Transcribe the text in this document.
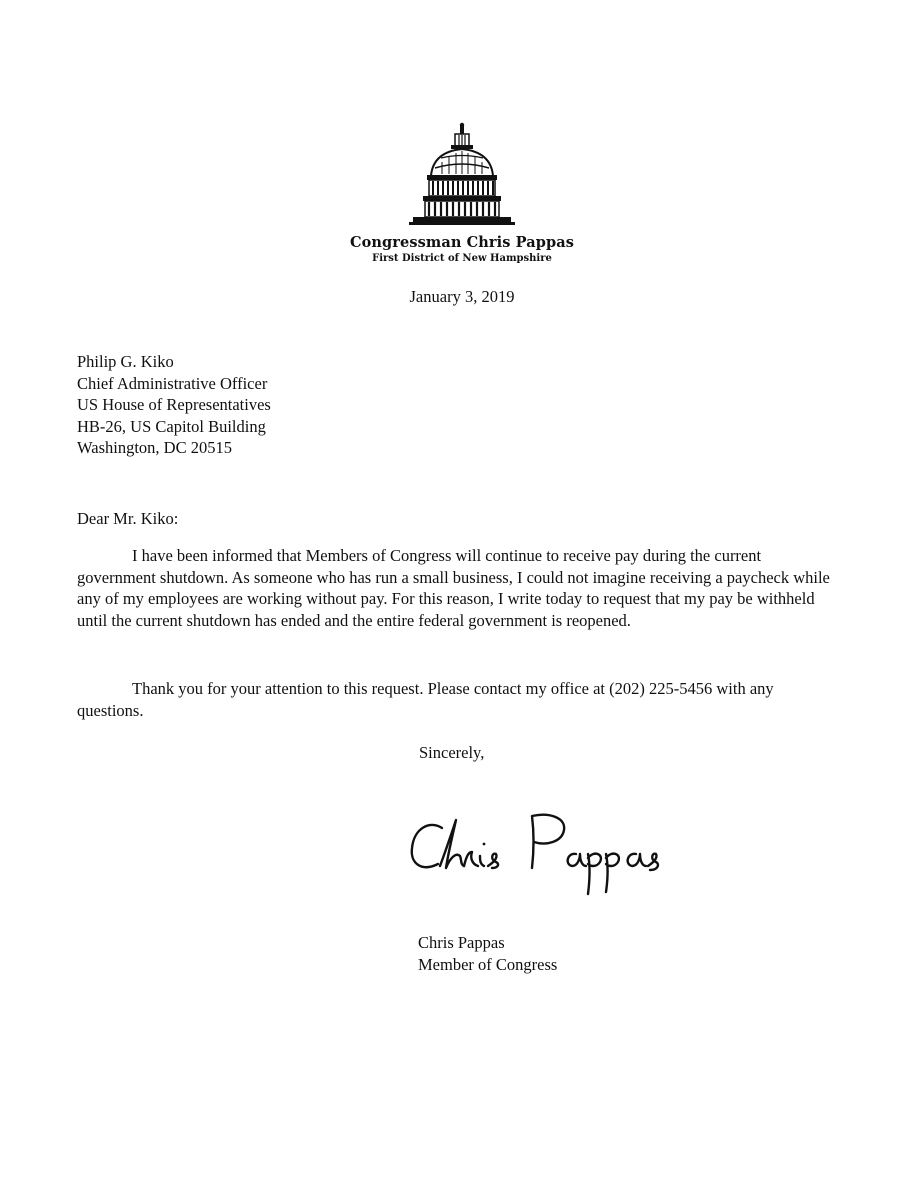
Congressman Chris Pappas
First District of New Hampshire
January 3, 2019
Philip G. Kiko
Chief Administrative Officer
US House of Representatives
HB-26, US Capitol Building
Washington, DC 20515
Dear Mr. Kiko:
I have been informed that Members of Congress will continue to receive pay during the current government shutdown. As someone who has run a small business, I could not imagine receiving a paycheck while any of my employees are working without pay. For this reason, I write today to request that my pay be withheld until the current shutdown has ended and the entire federal government is reopened.
Thank you for your attention to this request. Please contact my office at (202) 225-5456 with any questions.
Sincerely,
Chris Pappas
Member of Congress
